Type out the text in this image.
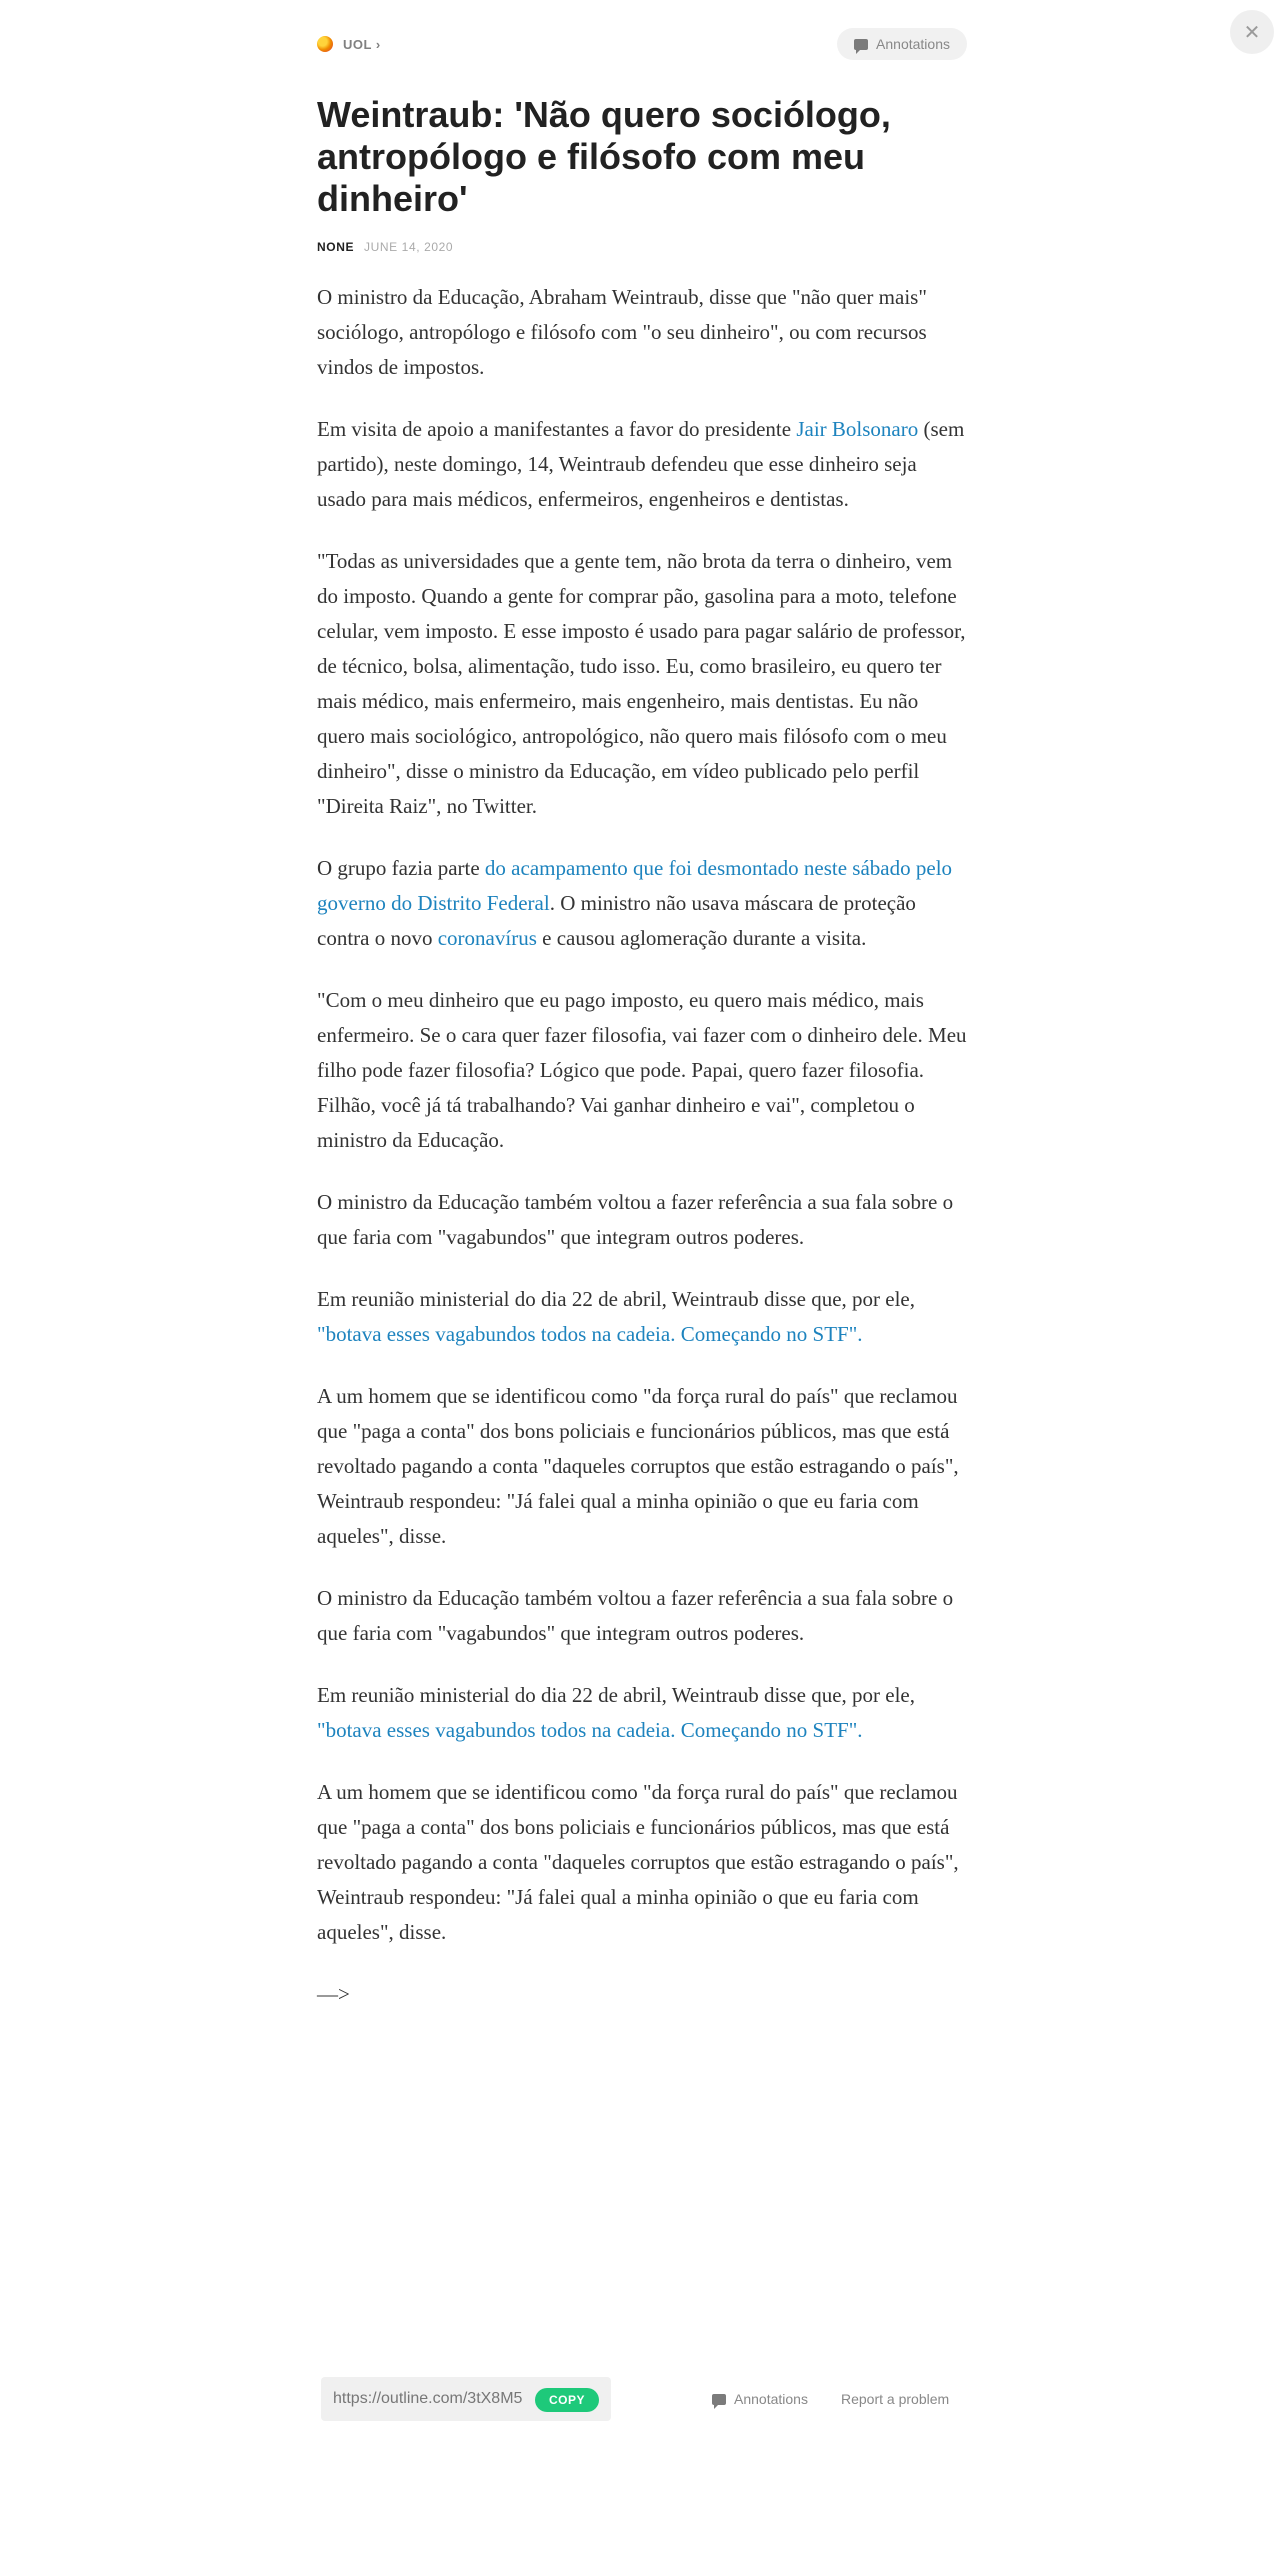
✕
UOL ›	Annotations
Weintraub: 'Não quero sociólogo, antropólogo e filósofo com meu dinheiro'
NONE JUNE 14, 2020

O ministro da Educação, Abraham Weintraub, disse que "não quer mais" sociólogo, antropólogo e filósofo com "o seu dinheiro", ou com recursos vindos de impostos.

Em visita de apoio a manifestantes a favor do presidente Jair Bolsonaro (sem partido), neste domingo, 14, Weintraub defendeu que esse dinheiro seja usado para mais médicos, enfermeiros, engenheiros e dentistas.

"Todas as universidades que a gente tem, não brota da terra o dinheiro, vem do imposto. Quando a gente for comprar pão, gasolina para a moto, telefone celular, vem imposto. E esse imposto é usado para pagar salário de professor, de técnico, bolsa, alimentação, tudo isso. Eu, como brasileiro, eu quero ter mais médico, mais enfermeiro, mais engenheiro, mais dentistas. Eu não quero mais sociológico, antropológico, não quero mais filósofo com o meu dinheiro", disse o ministro da Educação, em vídeo publicado pelo perfil "Direita Raiz", no Twitter.

O grupo fazia parte do acampamento que foi desmontado neste sábado pelo governo do Distrito Federal. O ministro não usava máscara de proteção contra o novo coronavírus e causou aglomeração durante a visita.

"Com o meu dinheiro que eu pago imposto, eu quero mais médico, mais enfermeiro. Se o cara quer fazer filosofia, vai fazer com o dinheiro dele. Meu filho pode fazer filosofia? Lógico que pode. Papai, quero fazer filosofia. Filhão, você já tá trabalhando? Vai ganhar dinheiro e vai", completou o ministro da Educação.

O ministro da Educação também voltou a fazer referência a sua fala sobre o que faria com "vagabundos" que integram outros poderes.

Em reunião ministerial do dia 22 de abril, Weintraub disse que, por ele, "botava esses vagabundos todos na cadeia. Começando no STF".

A um homem que se identificou como "da força rural do país" que reclamou que "paga a conta" dos bons policiais e funcionários públicos, mas que está revoltado pagando a conta "daqueles corruptos que estão estragando o país", Weintraub respondeu: "Já falei qual a minha opinião o que eu faria com aqueles", disse.

O ministro da Educação também voltou a fazer referência a sua fala sobre o que faria com "vagabundos" que integram outros poderes.

Em reunião ministerial do dia 22 de abril, Weintraub disse que, por ele, "botava esses vagabundos todos na cadeia. Começando no STF".

A um homem que se identificou como "da força rural do país" que reclamou que "paga a conta" dos bons policiais e funcionários públicos, mas que está revoltado pagando a conta "daqueles corruptos que estão estragando o país", Weintraub respondeu: "Já falei qual a minha opinião o que eu faria com aqueles", disse.

—>

https://outline.com/3tX8M5	COPY	Annotations Report a problem
